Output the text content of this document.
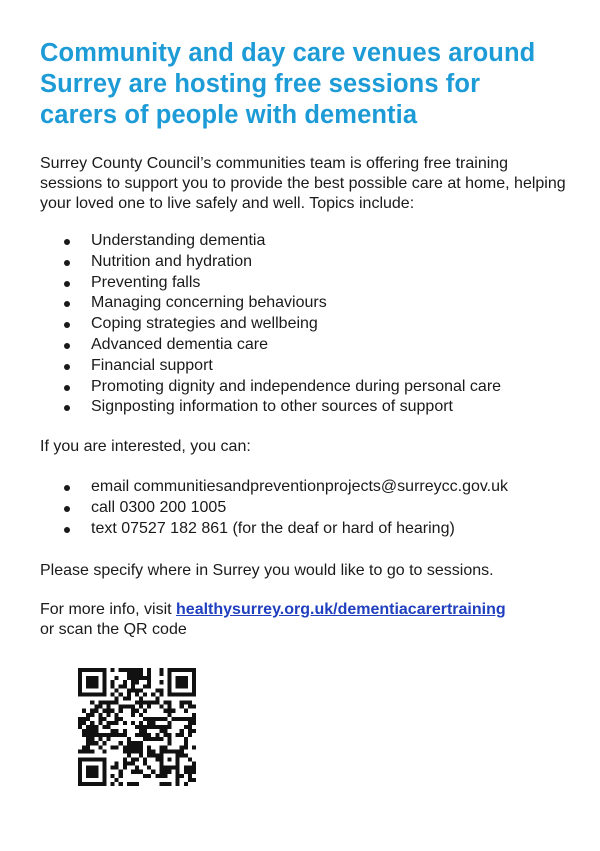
Community and day care venues around
Surrey are hosting free sessions for
carers of people with dementia

Surrey County Council’s communities team is offering free training sessions to support you to provide the best possible care at home, helping your loved one to live safely and well. Topics include:

Understanding dementia
Nutrition and hydration
Preventing falls
Managing concerning behaviours
Coping strategies and wellbeing
Advanced dementia care
Financial support
Promoting dignity and independence during personal care
Signposting information to other sources of support

If you are interested, you can:

email communitiesandpreventionprojects@surreycc.gov.uk
call 0300 200 1005
text 07527 182 861 (for the deaf or hard of hearing)

Please specify where in Surrey you would like to go to sessions.

For more info, visit healthysurrey.org.uk/dementiacarertraining
or scan the QR code
